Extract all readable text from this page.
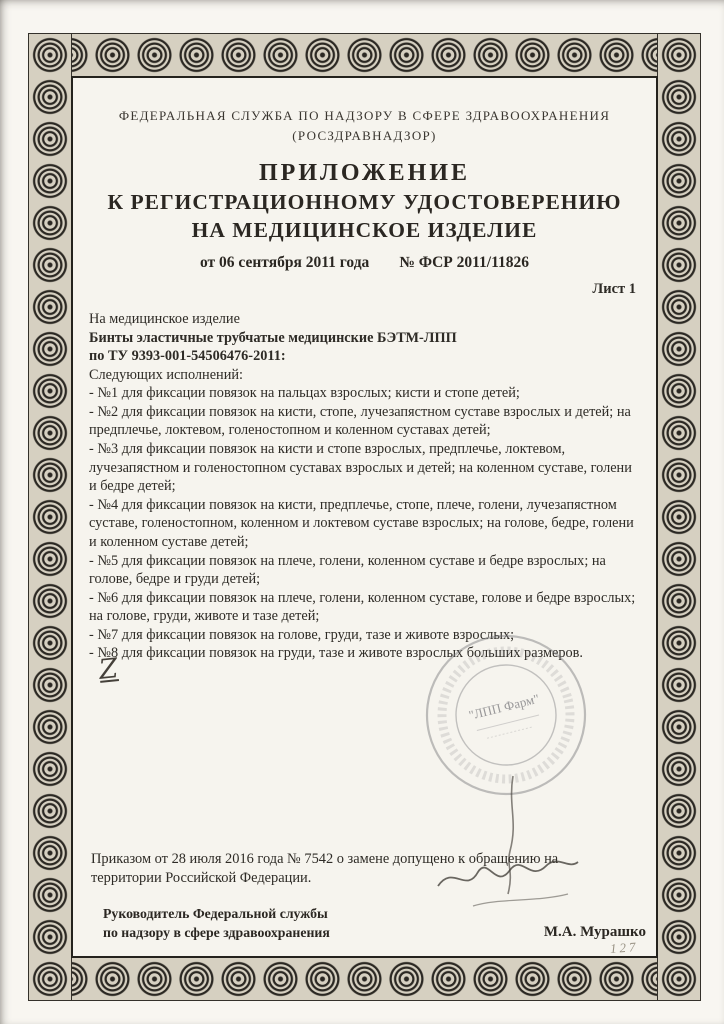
ФЕДЕРАЛЬНАЯ СЛУЖБА ПО НАДЗОРУ В СФЕРЕ ЗДРАВООХРАНЕНИЯ
(РОСЗДРАВНАДЗОР)
ПРИЛОЖЕНИЕ
К РЕГИСТРАЦИОННОМУ УДОСТОВЕРЕНИЮ
НА МЕДИЦИНСКОЕ ИЗДЕЛИЕ
от 06 сентября 2011 года № ФСР 2011/11826
Лист 1
На медицинское изделие
Бинты эластичные трубчатые медицинские БЭТМ-ЛПП
по ТУ 9393-001-54506476-2011:
Следующих исполнений:
- №1 для фиксации повязок на пальцах взрослых; кисти и стопе детей;
- №2 для фиксации повязок на кисти, стопе, лучезапястном суставе взрослых и детей; на предплечье, локтевом, голеностопном и коленном суставах детей;
- №3 для фиксации повязок на кисти и стопе взрослых, предплечье, локтевом, лучезапястном и голеностопном суставах взрослых и детей; на коленном суставе, голени и бедре детей;
- №4 для фиксации повязок на кисти, предплечье, стопе, плече, голени, лучезапястном суставе, голеностопном, коленном и локтевом суставе взрослых; на голове, бедре, голени и коленном суставе детей;
- №5 для фиксации повязок на плече, голени, коленном суставе и бедре взрослых; на голове, бедре и груди детей;
- №6 для фиксации повязок на плече, голени, коленном суставе, голове и бедре взрослых; на голове, груди, животе и тазе детей;
- №7 для фиксации повязок на голове, груди, тазе и животе взрослых;
- №8 для фиксации повязок на груди, тазе и животе взрослых больших размеров.
Z
"ЛПП Фарм"
Приказом от 28 июля 2016 года № 7542 о замене допущено к обращению на территории Российской Федерации.
Руководитель Федеральной службы
по надзору в сфере здравоохранения	М.А. Мурашко
127
